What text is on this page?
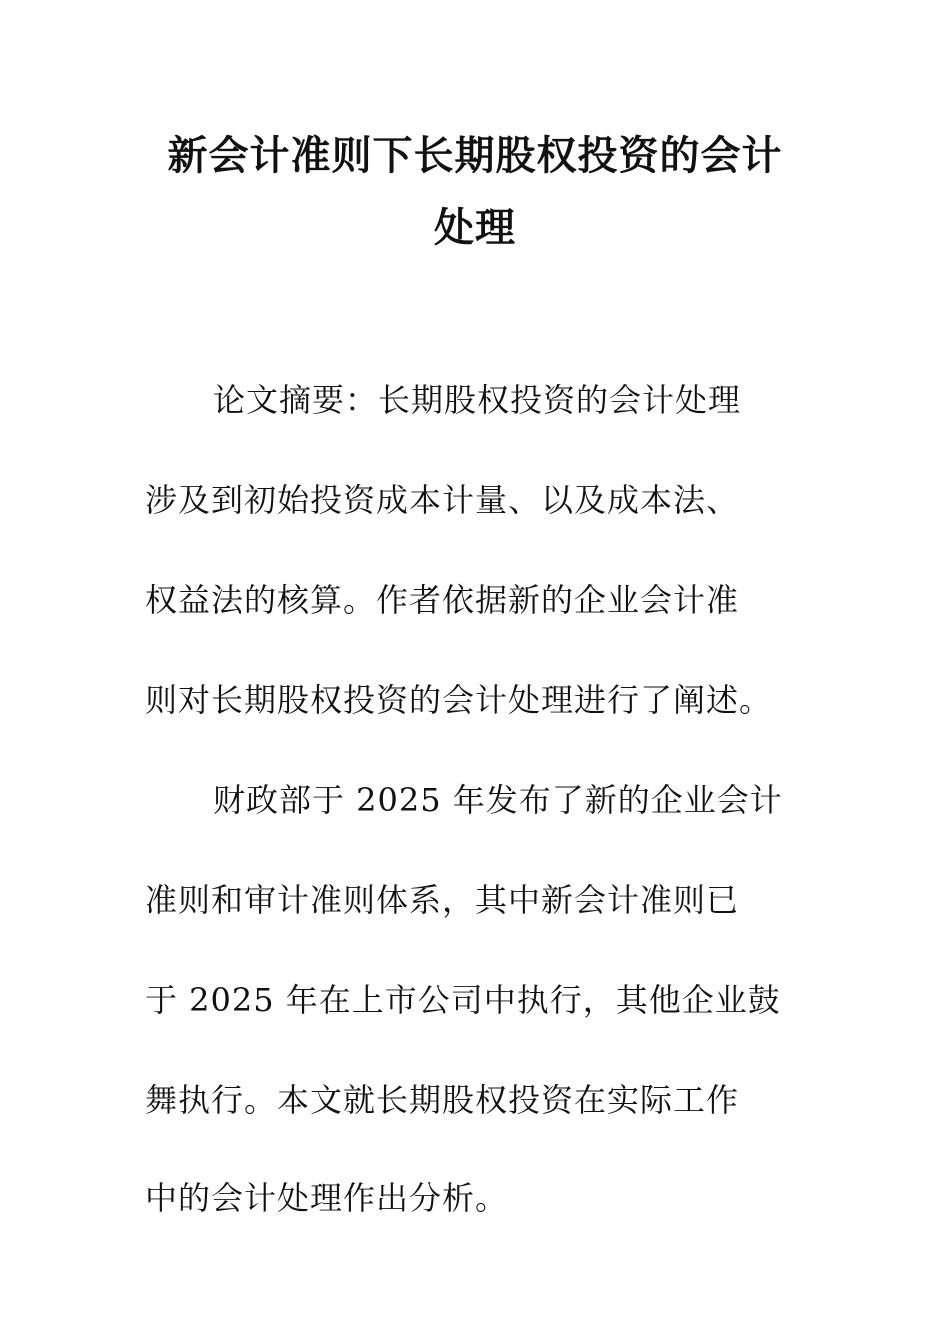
新会计准则下长期股权投资的会计
处理

论文摘要：长期股权投资的会计处理

涉及到初始投资成本计量、以及成本法、

权益法的核算。作者依据新的企业会计准

则对长期股权投资的会计处理进行了阐述。

财政部于 2025 年发布了新的企业会计

准则和审计准则体系，其中新会计准则已

于 2025 年在上市公司中执行，其他企业鼓

舞执行。本文就长期股权投资在实际工作

中的会计处理作出分析。
